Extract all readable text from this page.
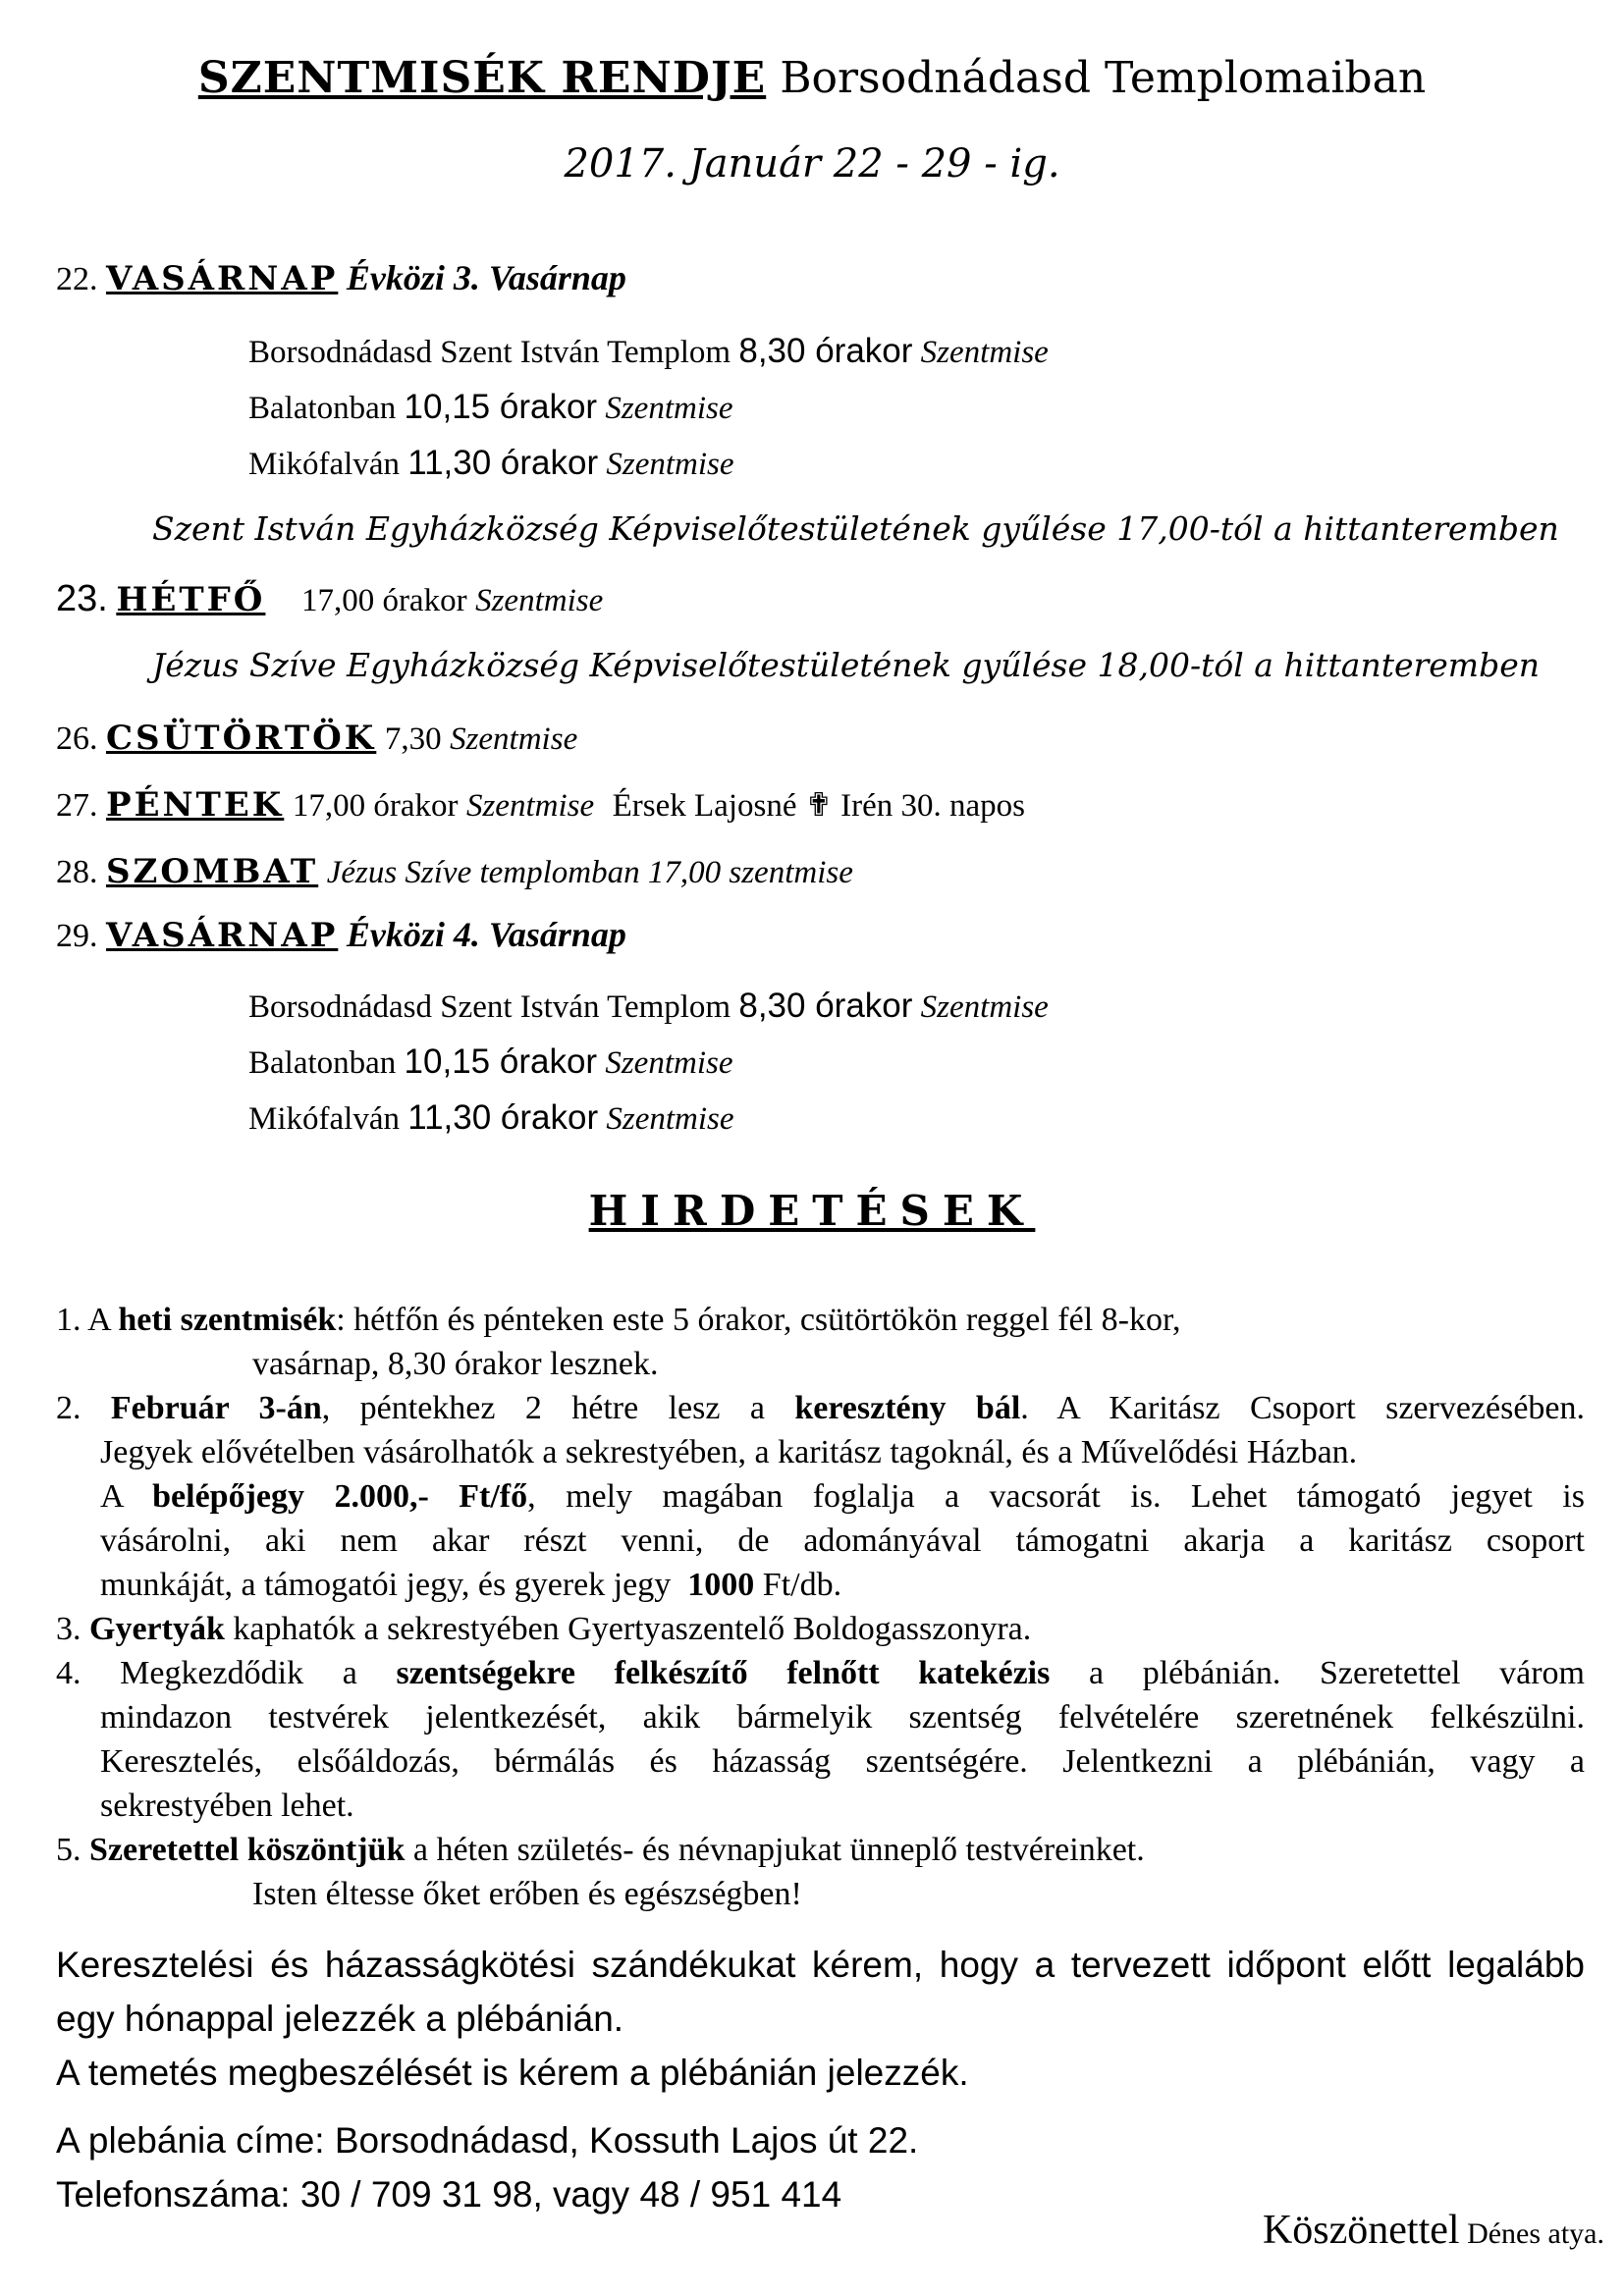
SZENTMISÉK RENDJE Borsodnádasd Templomaiban
2017. Január 22 - 29 - ig.
22. VASÁRNAP Évközi 3. Vasárnap
Borsodnádasd Szent István Templom 8,30 órakor Szentmise
Balatonban 10,15 órakor Szentmise
Mikófalván 11,30 órakor Szentmise
Szent István Egyházközség Képviselőtestületének gyűlése 17,00-tól a hittanteremben
23. HÉTFŐ 17,00 órakor Szentmise
Jézus Szíve Egyházközség Képviselőtestületének gyűlése 18,00-tól a hittanteremben
26. CSÜTÖRTÖK 7,30 Szentmise
27. PÉNTEK 17,00 órakor Szentmise Érsek Lajosné ✟ Irén 30. napos
28. SZOMBAT Jézus Szíve templomban 17,00 szentmise
29. VASÁRNAP Évközi 4. Vasárnap
Borsodnádasd Szent István Templom 8,30 órakor Szentmise
Balatonban 10,15 órakor Szentmise
Mikófalván 11,30 órakor Szentmise
HIRDETÉSEK
1. A heti szentmisék: hétfőn és pénteken este 5 órakor, csütörtökön reggel fél 8-kor,
vasárnap, 8,30 órakor lesznek.
2. Február 3-án, péntekhez 2 hétre lesz a keresztény bál. A Karitász Csoport szervezésében.
Jegyek elővételben vásárolhatók a sekrestyében, a karitász tagoknál, és a Művelődési Házban.
A belépőjegy 2.000,- Ft/fő, mely magában foglalja a vacsorát is. Lehet támogató jegyet is
vásárolni, aki nem akar részt venni, de adományával támogatni akarja a karitász csoport
munkáját, a támogatói jegy, és gyerek jegy  1000 Ft/db.
3. Gyertyák kaphatók a sekrestyében Gyertyaszentelő Boldogasszonyra.
4. Megkezdődik a szentségekre felkészítő felnőtt katekézis a plébánián. Szeretettel várom
mindazon testvérek jelentkezését, akik bármelyik szentség felvételére szeretnének felkészülni.
Keresztelés, elsőáldozás, bérmálás és házasság szentségére. Jelentkezni a plébánián, vagy a
sekrestyében lehet.
5. Szeretettel köszöntjük a héten születés- és névnapjukat ünneplő testvéreinket.
Isten éltesse őket erőben és egészségben!
Keresztelési és házasságkötési szándékukat kérem, hogy a tervezett időpont előtt legalább
egy hónappal jelezzék a plébánián.
A temetés megbeszélését is kérem a plébánián jelezzék.
A plebánia címe: Borsodnádasd, Kossuth Lajos út 22.
Telefonszáma: 30 / 709 31 98, vagy 48 / 951 414
Köszönettel Dénes atya.
